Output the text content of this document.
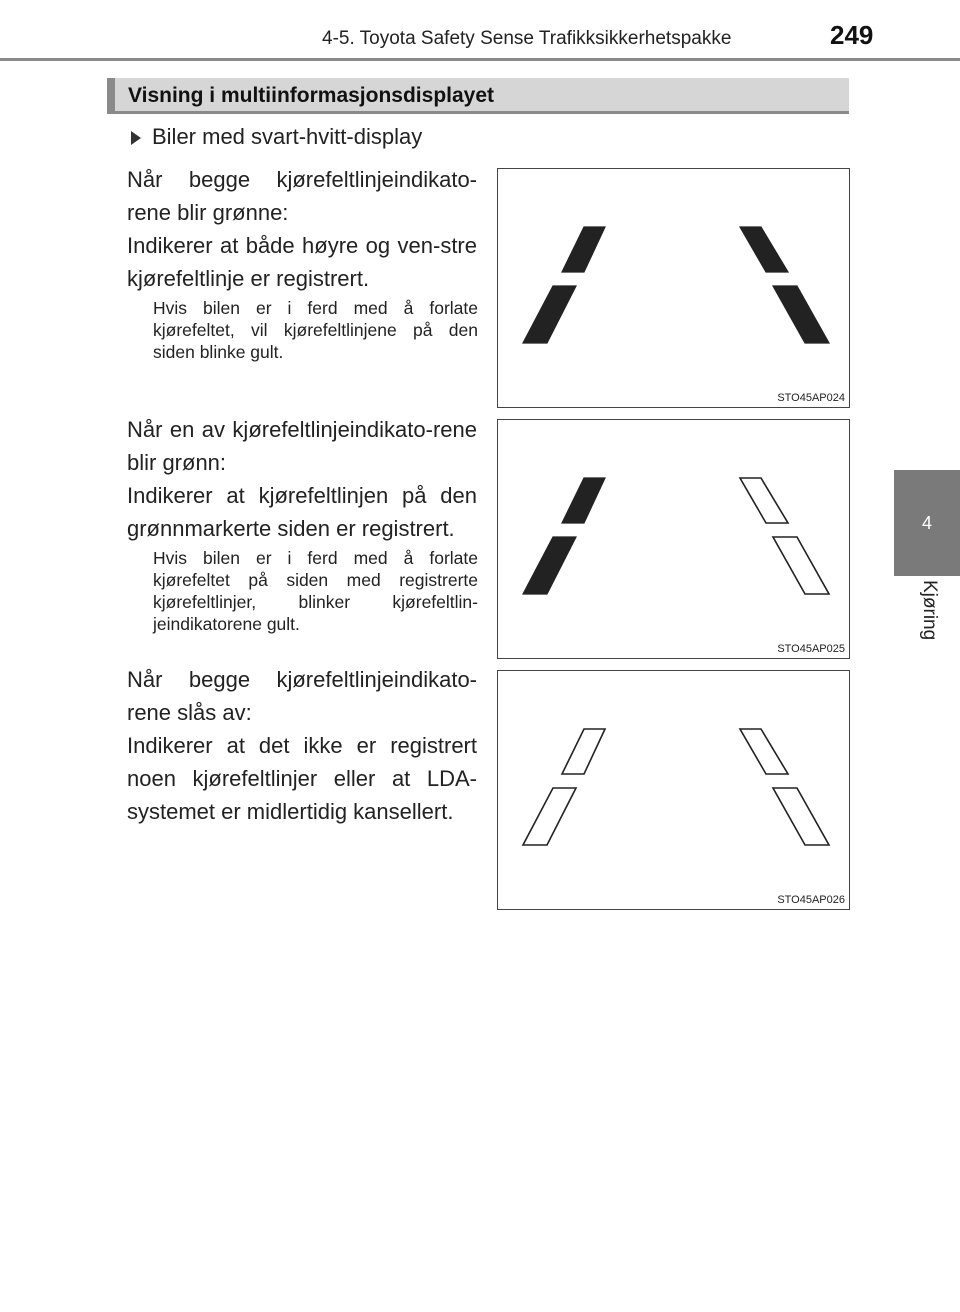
4-5. Toyota Safety Sense Trafikksikkerhetspakke	249
4
Kjøring
Visning i multiinformasjonsdisplayet
Biler med svart-hvitt-display

Når begge kjørefeltlinjeindikato-rene blir grønne:

Indikerer at både høyre og ven-stre kjørefeltlinje er registrert.

Hvis bilen er i ferd med å forlate kjørefeltet, vil kjørefeltlinjene på den siden blinke gult.

Når en av kjørefeltlinjeindikato-rene blir grønn:

Indikerer at kjørefeltlinjen på den grønnmarkerte siden er registrert.

Hvis bilen er i ferd med å forlate kjørefeltet på siden med registrerte kjørefeltlinjer, blinker kjørefeltlin-jeindikatorene gult.

Når begge kjørefeltlinjeindikato-rene slås av:

Indikerer at det ikke er registrert noen kjørefeltlinjer eller at LDA-systemet er midlertidig kansellert.

STO45AP024
STO45AP025
STO45AP026
